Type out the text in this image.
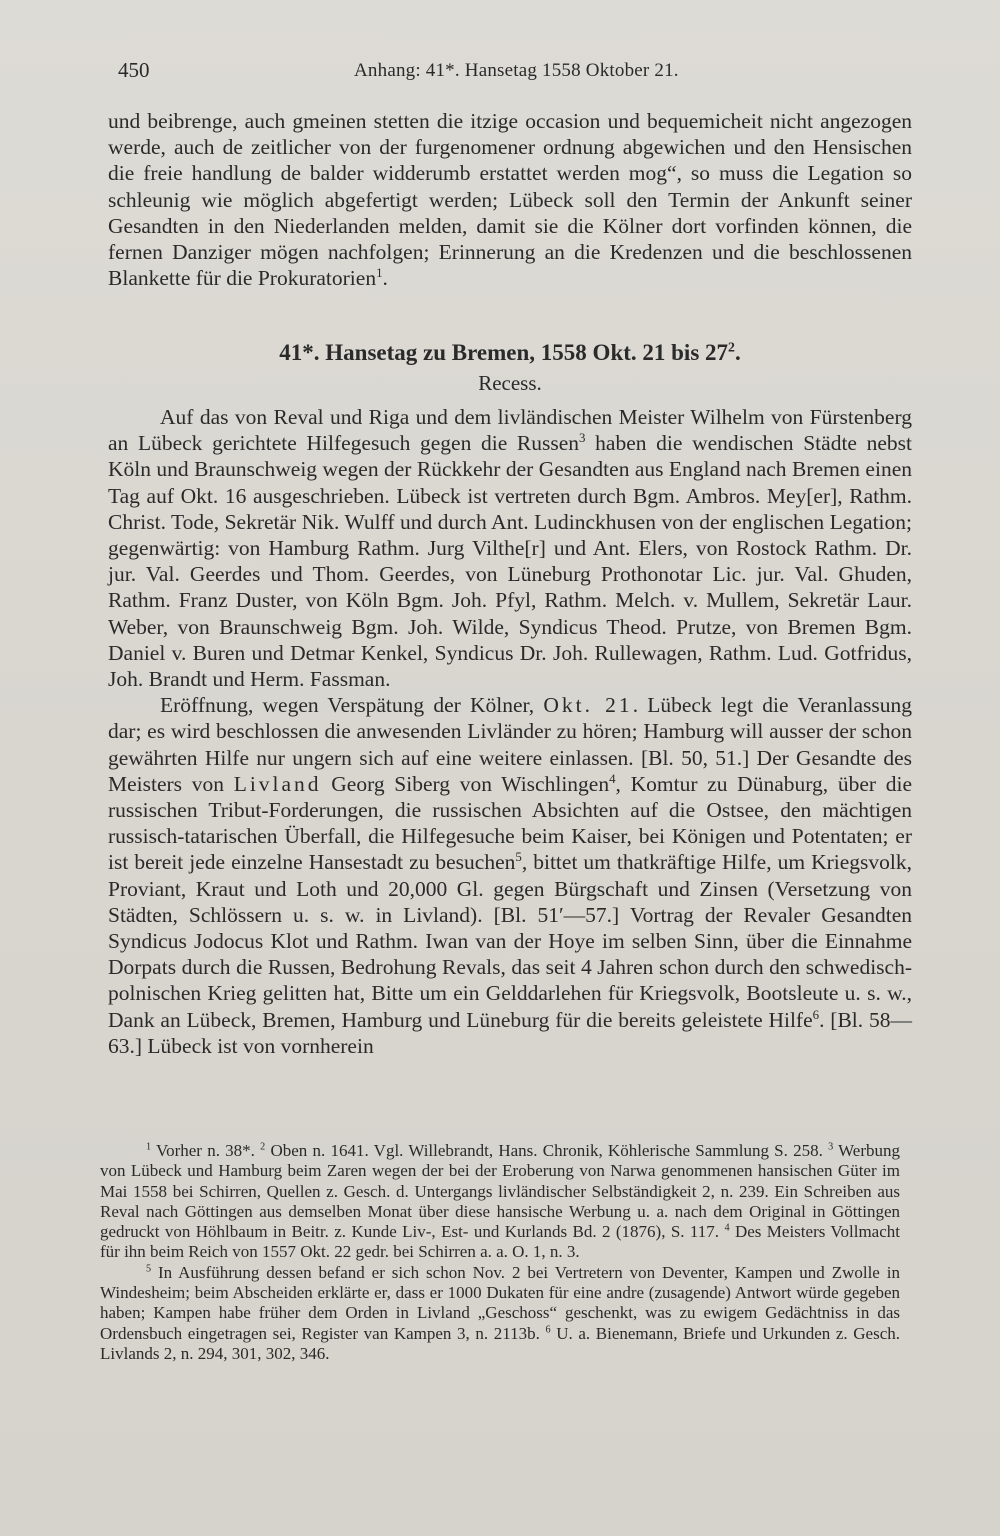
450	Anhang: 41*. Hansetag 1558 Oktober 21.

und beibrenge, auch gmeinen stetten die itzige occasion und bequemicheit nicht angezogen werde, auch de zeitlicher von der furgenomener ordnung abgewichen und den Hensischen die freie handlung de balder widderumb erstattet werden mog“, so muss die Legation so schleunig wie möglich abgefertigt werden; Lübeck soll den Termin der Ankunft seiner Gesandten in den Niederlanden melden, damit sie die Kölner dort vorfinden können, die fernen Danziger mögen nachfolgen; Erinnerung an die Kredenzen und die beschlossenen Blankette für die Prokuratorien$^1$.

41*. Hansetag zu Bremen, 1558 Okt. 21 bis 27$^2$.
Recess.

Auf das von Reval und Riga und dem livländischen Meister Wilhelm von Fürstenberg an Lübeck gerichtete Hilfegesuch gegen die Russen$^3$ haben die wendischen Städte nebst Köln und Braunschweig wegen der Rückkehr der Gesandten aus England nach Bremen einen Tag auf Okt. 16 ausgeschrieben. Lübeck ist vertreten durch Bgm. Ambros. Mey[er], Rathm. Christ. Tode, Sekretär Nik. Wulff und durch Ant. Ludinckhusen von der englischen Legation; gegenwärtig: von Hamburg Rathm. Jurg Vilthe[r] und Ant. Elers, von Rostock Rathm. Dr. jur. Val. Geerdes und Thom. Geerdes, von Lüneburg Prothonotar Lic. jur. Val. Ghuden, Rathm. Franz Duster, von Köln Bgm. Joh. Pfyl, Rathm. Melch. v. Mullem, Sekretär Laur. Weber, von Braunschweig Bgm. Joh. Wilde, Syndicus Theod. Prutze, von Bremen Bgm. Daniel v. Buren und Detmar Kenkel, Syndicus Dr. Joh. Rullewagen, Rathm. Lud. Gotfridus, Joh. Brandt und Herm. Fassman.

Eröffnung, wegen Verspätung der Kölner, Okt. 21. Lübeck legt die Veranlassung dar; es wird beschlossen die anwesenden Livländer zu hören; Hamburg will ausser der schon gewährten Hilfe nur ungern sich auf eine weitere einlassen. [Bl. 50, 51.] Der Gesandte des Meisters von Livland Georg Siberg von Wischlingen$^4$, Komtur zu Dünaburg, über die russischen Tribut-Forderungen, die russischen Absichten auf die Ostsee, den mächtigen russisch-tatarischen Überfall, die Hilfegesuche beim Kaiser, bei Königen und Potentaten; er ist bereit jede einzelne Hansestadt zu besuchen$^5$, bittet um thatkräftige Hilfe, um Kriegsvolk, Proviant, Kraut und Loth und 20,000 Gl. gegen Bürgschaft und Zinsen (Versetzung von Städten, Schlössern u. s. w. in Livland). [Bl. 51′—57.] Vortrag der Revaler Gesandten Syndicus Jodocus Klot und Rathm. Iwan van der Hoye im selben Sinn, über die Einnahme Dorpats durch die Russen, Bedrohung Revals, das seit 4 Jahren schon durch den schwedisch-polnischen Krieg gelitten hat, Bitte um ein Gelddarlehen für Kriegsvolk, Bootsleute u. s. w., Dank an Lübeck, Bremen, Hamburg und Lüneburg für die bereits geleistete Hilfe$^6$. [Bl. 58—63.] Lübeck ist von vornherein

$^1$ Vorher n. 38*. $^2$ Oben n. 1641. Vgl. Willebrandt, Hans. Chronik, Köhlerische Sammlung S. 258. $^3$ Werbung von Lübeck und Hamburg beim Zaren wegen der bei der Eroberung von Narwa genommenen hansischen Güter im Mai 1558 bei Schirren, Quellen z. Gesch. d. Untergangs livländischer Selbständigkeit 2, n. 239. Ein Schreiben aus Reval nach Göttingen aus demselben Monat über diese hansische Werbung u. a. nach dem Original in Göttingen gedruckt von Höhlbaum in Beitr. z. Kunde Liv-, Est- und Kurlands Bd. 2 (1876), S. 117. $^4$ Des Meisters Vollmacht für ihn beim Reich von 1557 Okt. 22 gedr. bei Schirren a. a. O. 1, n. 3.

$^5$ In Ausführung dessen befand er sich schon Nov. 2 bei Vertretern von Deventer, Kampen und Zwolle in Windesheim; beim Abscheiden erklärte er, dass er 1000 Dukaten für eine andre (zusagende) Antwort würde gegeben haben; Kampen habe früher dem Orden in Livland „Geschoss“ geschenkt, was zu ewigem Gedächtniss in das Ordensbuch eingetragen sei, Register van Kampen 3, n. 2113b. $^6$ U. a. Bienemann, Briefe und Urkunden z. Gesch. Livlands 2, n. 294, 301, 302, 346.
